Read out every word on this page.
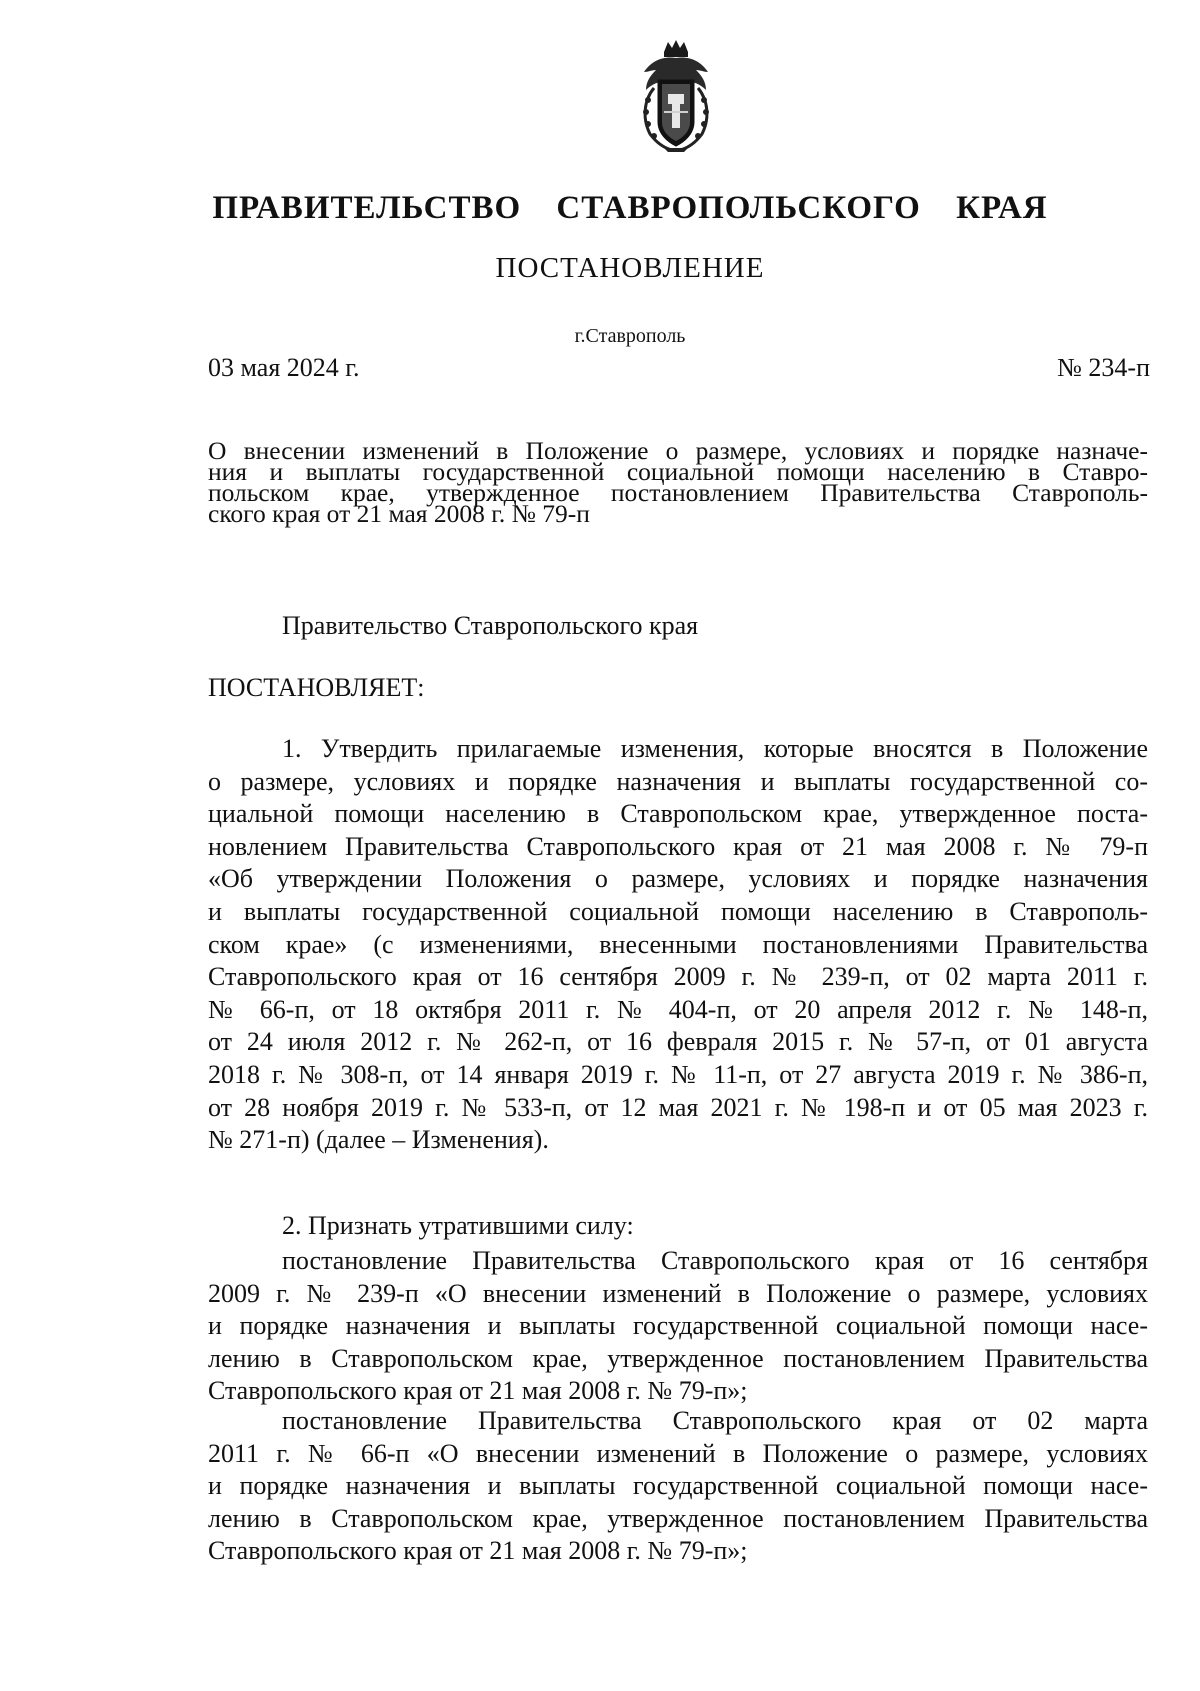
ПРАВИТЕЛЬСТВО СТАВРОПОЛЬСКОГО КРАЯ
ПОСТАНОВЛЕНИЕ
г.Ставрополь
03 мая 2024 г.	№ 234-п
О внесении изменений в Положение о размере, условиях и порядке назначе-
ния и выплаты государственной социальной помощи населению в Ставро-
польском крае, утвержденное постановлением Правительства Ставрополь-
ского края от 21 мая 2008 г. № 79-п
Правительство Ставропольского края
ПОСТАНОВЛЯЕТ:
1. Утвердить прилагаемые изменения, которые вносятся в Положение
о размере, условиях и порядке назначения и выплаты государственной со-
циальной помощи населению в Ставропольском крае, утвержденное поста-
новлением Правительства Ставропольского края от 21 мая 2008 г. № 79-п
«Об утверждении Положения о размере, условиях и порядке назначения
и выплаты государственной социальной помощи населению в Ставрополь-
ском крае» (с изменениями, внесенными постановлениями Правительства
Ставропольского края от 16 сентября 2009 г. № 239-п, от 02 марта 2011 г.
№ 66-п, от 18 октября 2011 г. № 404-п, от 20 апреля 2012 г. № 148-п,
от 24 июля 2012 г. № 262-п, от 16 февраля 2015 г. № 57-п, от 01 августа
2018 г. № 308-п, от 14 января 2019 г. № 11-п, от 27 августа 2019 г. № 386-п,
от 28 ноября 2019 г. № 533-п, от 12 мая 2021 г. № 198-п и от 05 мая 2023 г.
№ 271-п) (далее – Изменения).
2. Признать утратившими силу:
постановление Правительства Ставропольского края от 16 сентября
2009 г. № 239-п «О внесении изменений в Положение о размере, условиях
и порядке назначения и выплаты государственной социальной помощи насе-
лению в Ставропольском крае, утвержденное постановлением Правительства
Ставропольского края от 21 мая 2008 г. № 79-п»;
постановление Правительства Ставропольского края от 02 марта
2011 г. № 66-п «О внесении изменений в Положение о размере, условиях
и порядке назначения и выплаты государственной социальной помощи насе-
лению в Ставропольском крае, утвержденное постановлением Правительства
Ставропольского края от 21 мая 2008 г. № 79-п»;
